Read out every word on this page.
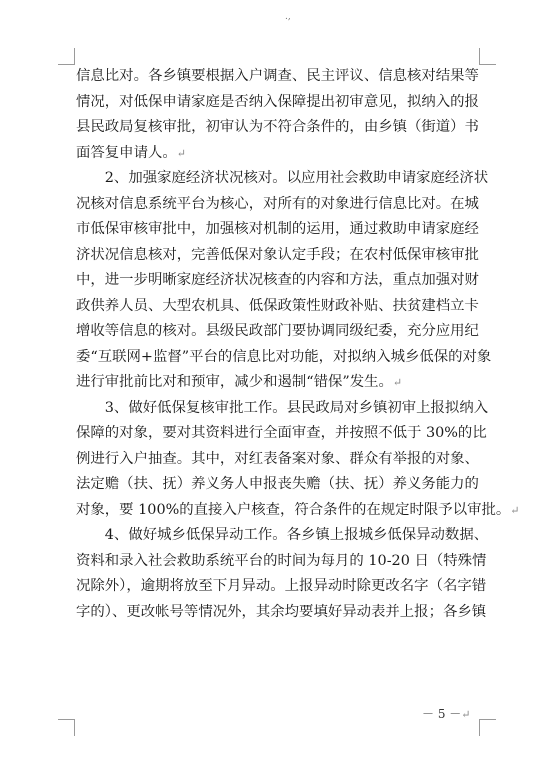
.,
信息比对。各乡镇要根据入户调查、民主评议、信息核对结果等
情况，对低保申请家庭是否纳入保障提出初审意见，拟纳入的报
县民政局复核审批，初审认为不符合条件的，由乡镇（街道）书
面答复申请人。↵
　　2、加强家庭经济状况核对。以应用社会救助申请家庭经济状
况核对信息系统平台为核心，对所有的对象进行信息比对。在城
市低保审核审批中，加强核对机制的运用，通过救助申请家庭经
济状况信息核对，完善低保对象认定手段；在农村低保审核审批
中，进一步明晰家庭经济状况核查的内容和方法，重点加强对财
政供养人员、大型农机具、低保政策性财政补贴、扶贫建档立卡
增收等信息的核对。县级民政部门要协调同级纪委，充分应用纪
委“互联网+监督”平台的信息比对功能，对拟纳入城乡低保的对象
进行审批前比对和预审，减少和遏制“错保”发生。↵
　　3、做好低保复核审批工作。县民政局对乡镇初审上报拟纳入
保障的对象，要对其资料进行全面审查，并按照不低于 30%的比
例进行入户抽查。其中，对红表备案对象、群众有举报的对象、
法定赡（扶、抚）养义务人申报丧失赡（扶、抚）养义务能力的
对象，要 100%的直接入户核查，符合条件的在规定时限予以审批。↵
　　4、做好城乡低保异动工作。各乡镇上报城乡低保异动数据、
资料和录入社会救助系统平台的时间为每月的 10-20 日（特殊情
况除外），逾期将放至下月异动。上报异动时除更改名字（名字错
字的）、更改帐号等情况外，其余均要填好异动表并上报；各乡镇
－ 5 －↵
